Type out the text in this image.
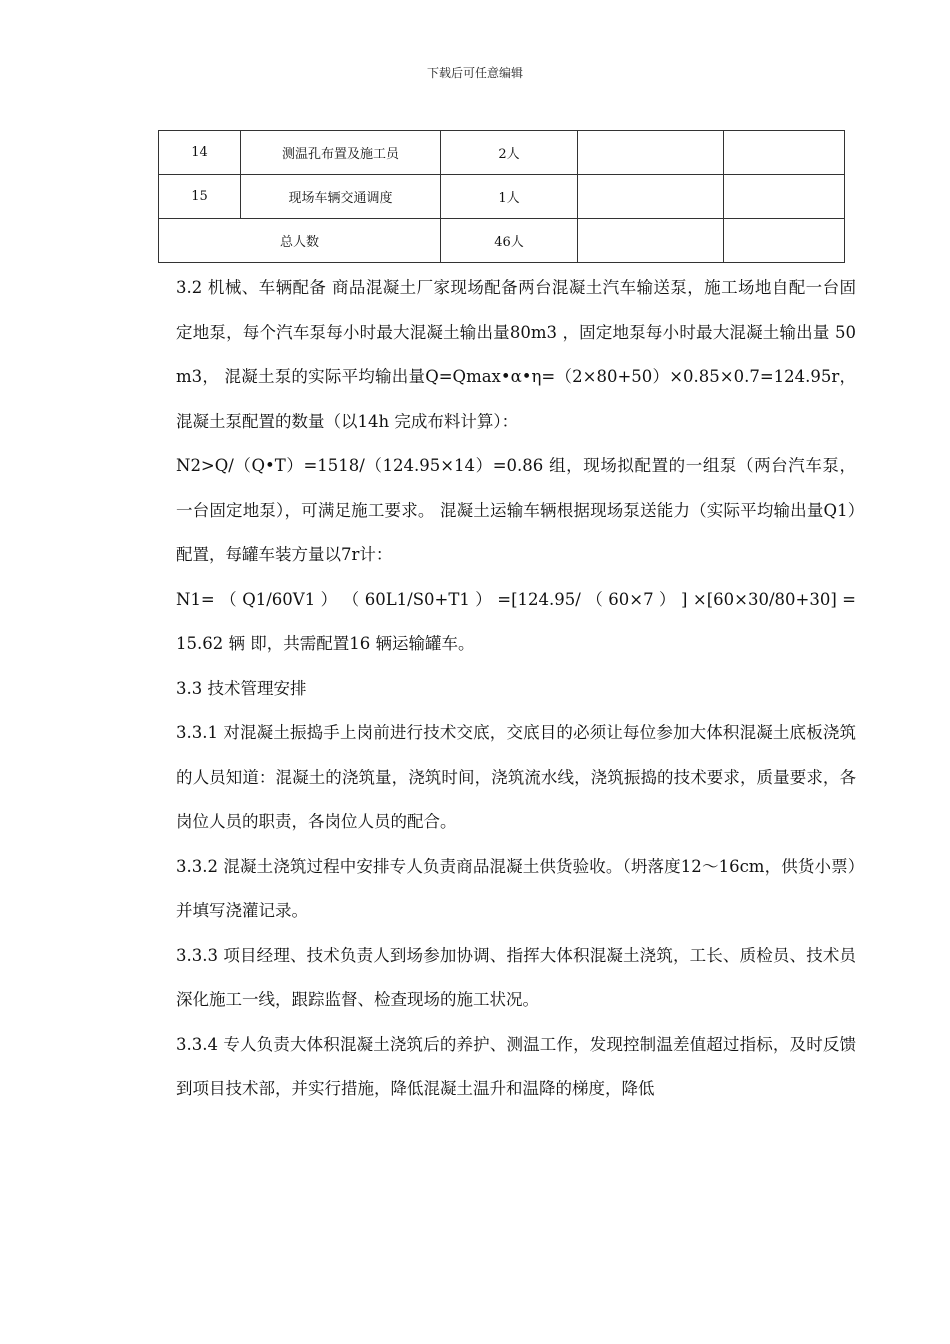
下载后可任意编辑
14	测温孔布置及施工员	2人		
15	现场车辆交通调度	1人		
总人数		46人		

3.2 机械、车辆配备 商品混凝土厂家现场配备两台混凝土汽车输送泵，施工场地自配一台固定地泵，每个汽车泵每小时最大混凝土输出量80m3 ，固定地泵每小时最大混凝土输出量 50 m3， 混凝土泵的实际平均输出量Q=Qmax•α•η=（2×80+50）×0.85×0.7=124.95r， 混凝土泵配置的数量（以14h 完成布料计算）：

N2>Q/（Q•T）=1518/（124.95×14）=0.86 组，现场拟配置的一组泵（两台汽车泵，一台固定地泵），可满足施工要求。 混凝土运输车辆根据现场泵送能力（实际平均输出量Q1）配置，每罐车装方量以7r计：

N1= （ Q1/60V1 ） （ 60L1/S0+T1 ） =[124.95/ （ 60×7 ） ] ×[60×30/80+30] =15.62 辆 即，共需配置16 辆运输罐车。

3.3 技术管理安排

3.3.1 对混凝土振捣手上岗前进行技术交底，交底目的必须让每位参加大体积混凝土底板浇筑的人员知道：混凝土的浇筑量，浇筑时间，浇筑流水线，浇筑振捣的技术要求，质量要求，各岗位人员的职责，各岗位人员的配合。

3.3.2 混凝土浇筑过程中安排专人负责商品混凝土供货验收。（坍落度12～16cm，供货小票）并填写浇灌记录。

3.3.3 项目经理、技术负责人到场参加协调、指挥大体积混凝土浇筑，工长、质检员、技术员深化施工一线，跟踪监督、检查现场的施工状况。

3.3.4 专人负责大体积混凝土浇筑后的养护、测温工作，发现控制温差值超过指标，及时反馈到项目技术部，并实行措施，降低混凝土温升和温降的梯度，降低
